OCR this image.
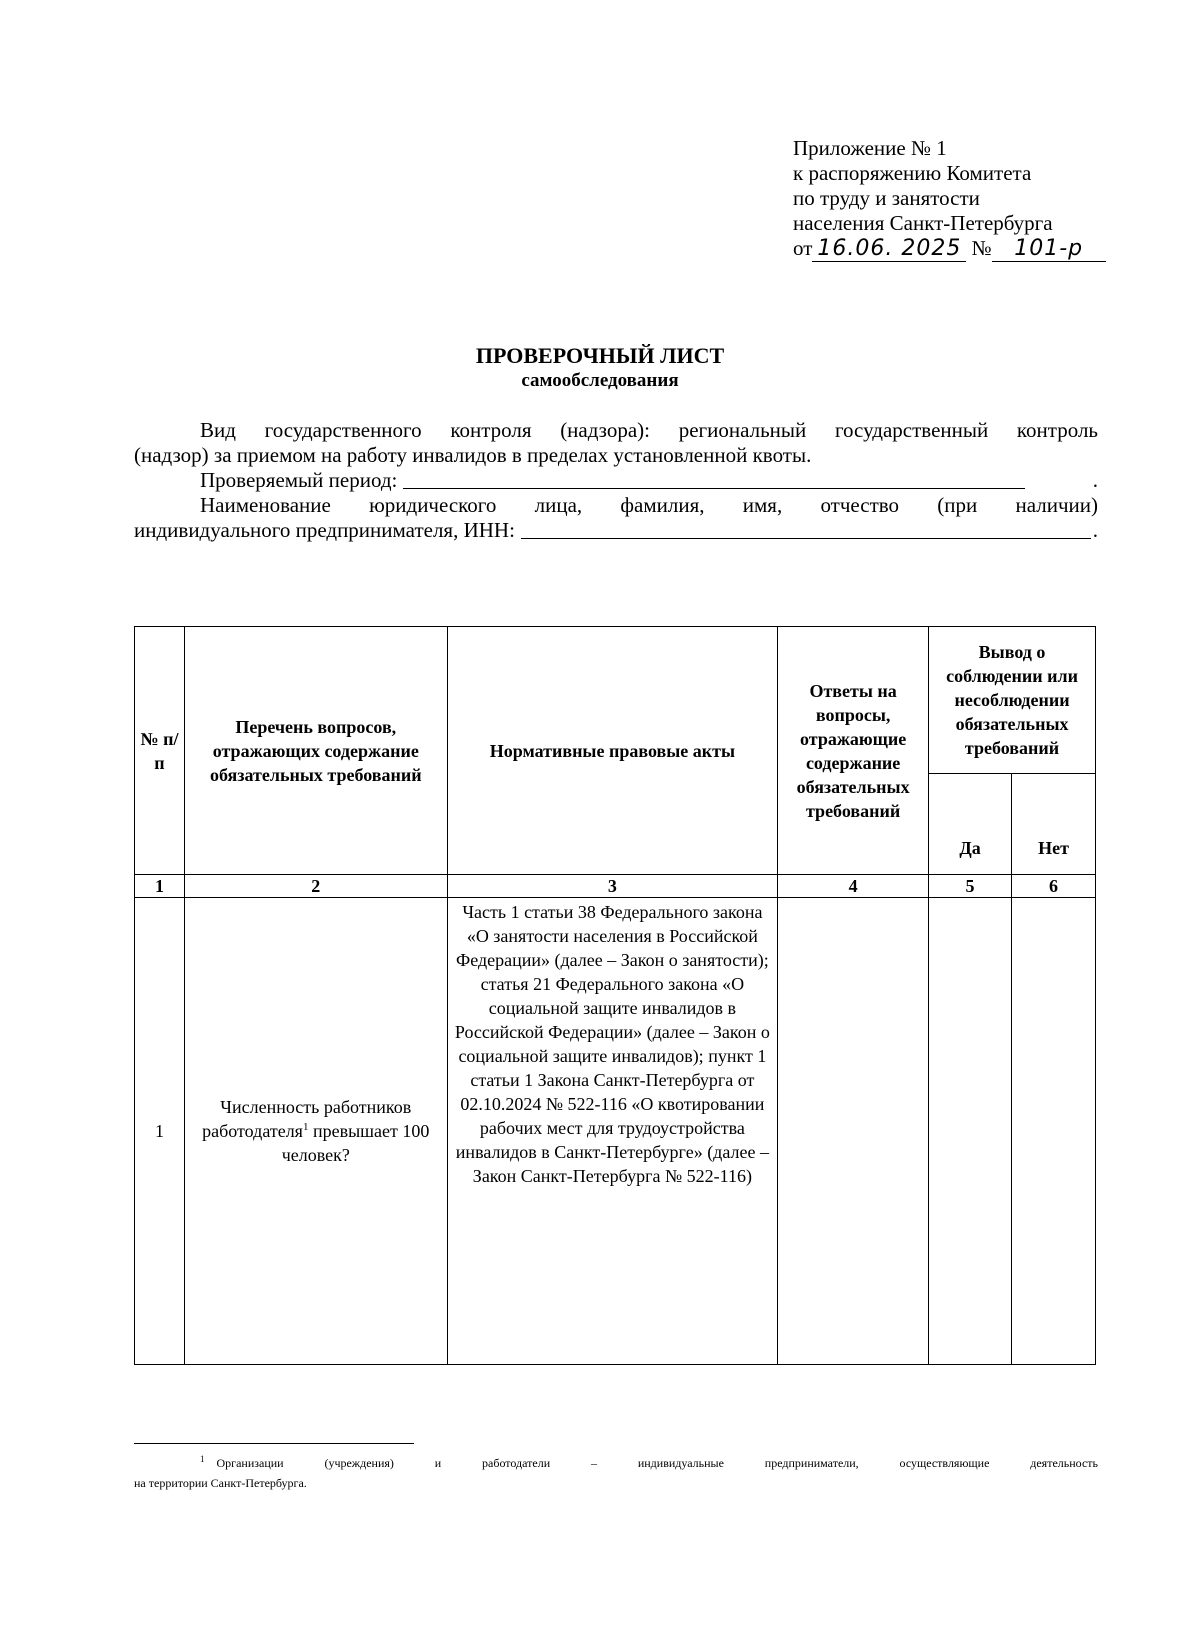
Приложение № 1
к распоряжению Комитета
по труду и занятости
населения Санкт-Петербурга
от 16.06. 2025 № 101-р
ПРОВЕРОЧНЫЙ ЛИСТ
самообследования

Вид государственного контроля (надзора): региональный государственный контроль

(надзор) за приемом на работу инвалидов в пределах установленной квоты.

Проверяемый период:	.

Наименование юридического лица, фамилия, имя, отчество (при наличии)

индивидуального предпринимателя, ИНН:	.

№ п/п	Перечень вопросов, отражающих содержание обязательных требований	Нормативные правовые акты	Ответы на вопросы, отражающие содержание обязательных требований	Вывод о соблюдении или несоблюдении обязательных требований	
				Да	Нет
1	2	3	4	5	6
1	Численность работников работодателя$^1$ превышает 100 человек?	Часть 1 статьи 38 Федерального закона «О занятости населения в Российской Федерации» (далее – Закон о занятости); статья 21 Федерального закона «О социальной защите инвалидов в Российской Федерации» (далее – Закон о социальной защите инвалидов); пункт 1 статьи 1 Закона Санкт-Петербурга от 02.10.2024 № 522-116 «О квотировании рабочих мест для трудоустройства инвалидов в Санкт-Петербурге» (далее – Закон Санкт-Петербурга № 522-116)			
$^1$ Организации (учреждения) и работодатели – индивидуальные предприниматели, осуществляющие деятельность
на территории Санкт-Петербурга.
